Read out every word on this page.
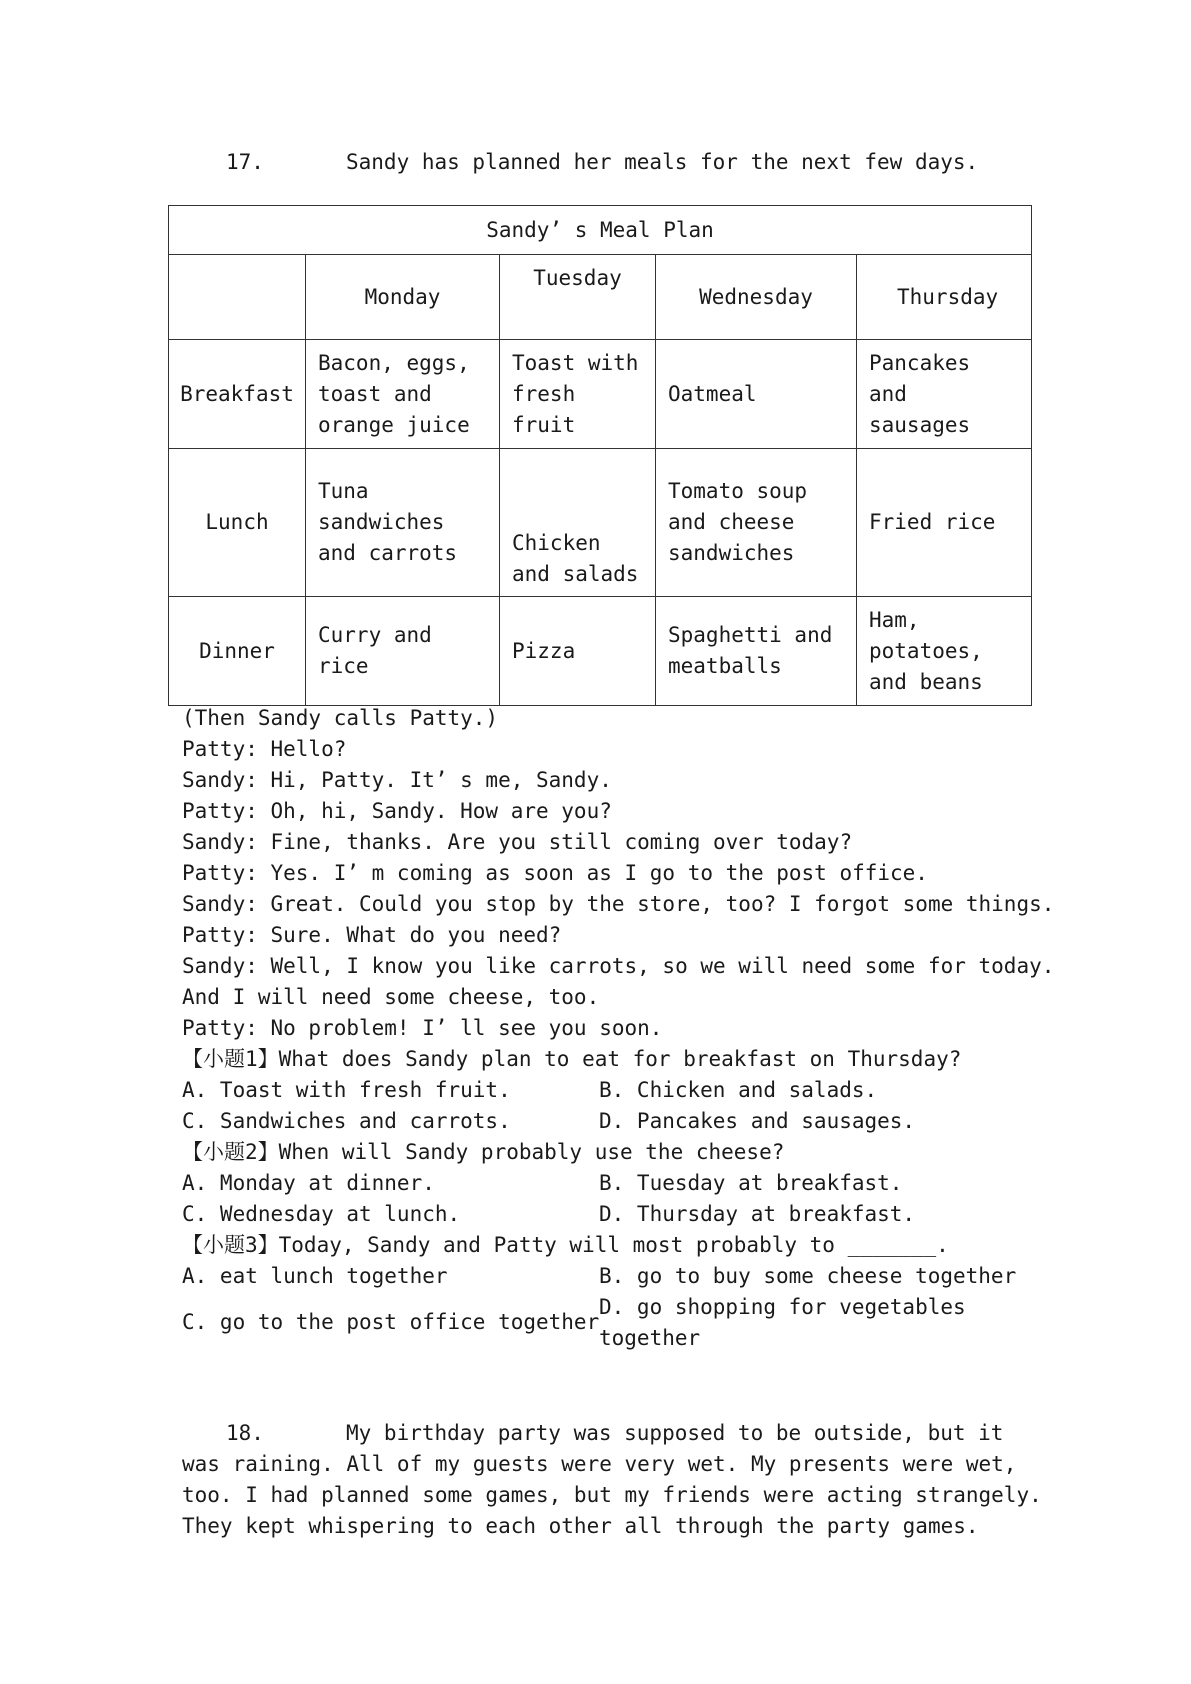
17.	Sandy has planned her meals for the next few days.
Sandy’ s Meal Plan				
	Monday	Tuesday	Wednesday	Thursday
Breakfast	Bacon, eggs, toast and orange juice	Toast with fresh fruit	Oatmeal	Pancakes and sausages
Lunch	Tuna sandwiches and carrots	Chicken and salads	Tomato soup and cheese sandwiches	Fried rice
Dinner	Curry and rice	Pizza	Spaghetti and meatballs	Ham, potatoes, and beans
(Then Sandy calls Patty.)
Patty: Hello?
Sandy: Hi, Patty. It’ s me, Sandy.
Patty: Oh, hi, Sandy. How are you?
Sandy: Fine, thanks. Are you still coming over today?
Patty: Yes. I’ m coming as soon as I go to the post office.
Sandy: Great. Could you stop by the store, too? I forgot some things.
Patty: Sure. What do you need?
Sandy: Well, I know you like carrots, so we will need some for today.
And I will need some cheese, too.
Patty: No problem! I’ ll see you soon.
【小题1】What does Sandy plan to eat for breakfast on Thursday?
A. Toast with fresh fruit.	B. Chicken and salads.
C. Sandwiches and carrots.	D. Pancakes and sausages.
【小题2】When will Sandy probably use the cheese?
A. Monday at dinner.	B. Tuesday at breakfast.
C. Wednesday at lunch.	D. Thursday at breakfast.
【小题3】Today, Sandy and Patty will most probably to _______.
A. eat lunch together	B. go to buy some cheese together
C. go to the post office together
D. go shopping for vegetables
together
18.	My birthday party was supposed to be outside, but it
was raining. All of my guests were very wet. My presents were wet,
too. I had planned some games, but my friends were acting strangely.
They kept whispering to each other all through the party games.
